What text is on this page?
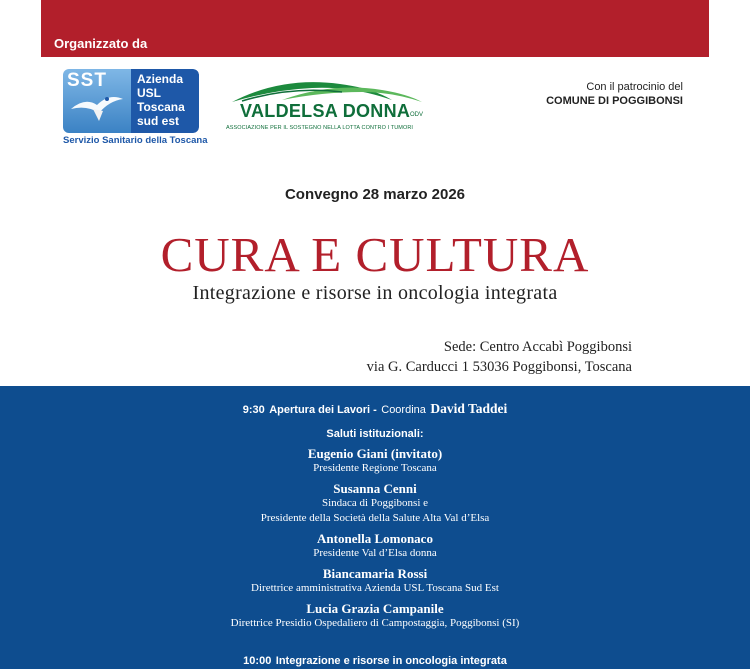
Organizzato da
SST	Azienda
USL
Toscana
sud est
Servizio Sanitario della Toscana
VALDELSA DONNA ODV
ASSOCIAZIONE PER IL SOSTEGNO NELLA LOTTA CONTRO I TUMORI
Con il patrocinio del
COMUNE DI POGGIBONSI
Convegno 28 marzo 2026
CURA E CULTURA
Integrazione e risorse in oncologia integrata
Sede: Centro Accabì Poggibonsi
via G. Carducci 1 53036 Poggibonsi, Toscana
9:30 Apertura dei Lavori - Coordina David Taddei
Saluti istituzionali:
Eugenio Giani (invitato)
Presidente Regione Toscana
Susanna Cenni
Sindaca di Poggibonsi e
Presidente della Società della Salute Alta Val d’Elsa
Antonella Lomonaco
Presidente Val d’Elsa donna
Biancamaria Rossi
Direttrice amministrativa Azienda USL Toscana Sud Est
Lucia Grazia Campanile
Direttrice Presidio Ospedaliero di Campostaggia, Poggibonsi (SI)
10:00 Integrazione e risorse in oncologia integrata
